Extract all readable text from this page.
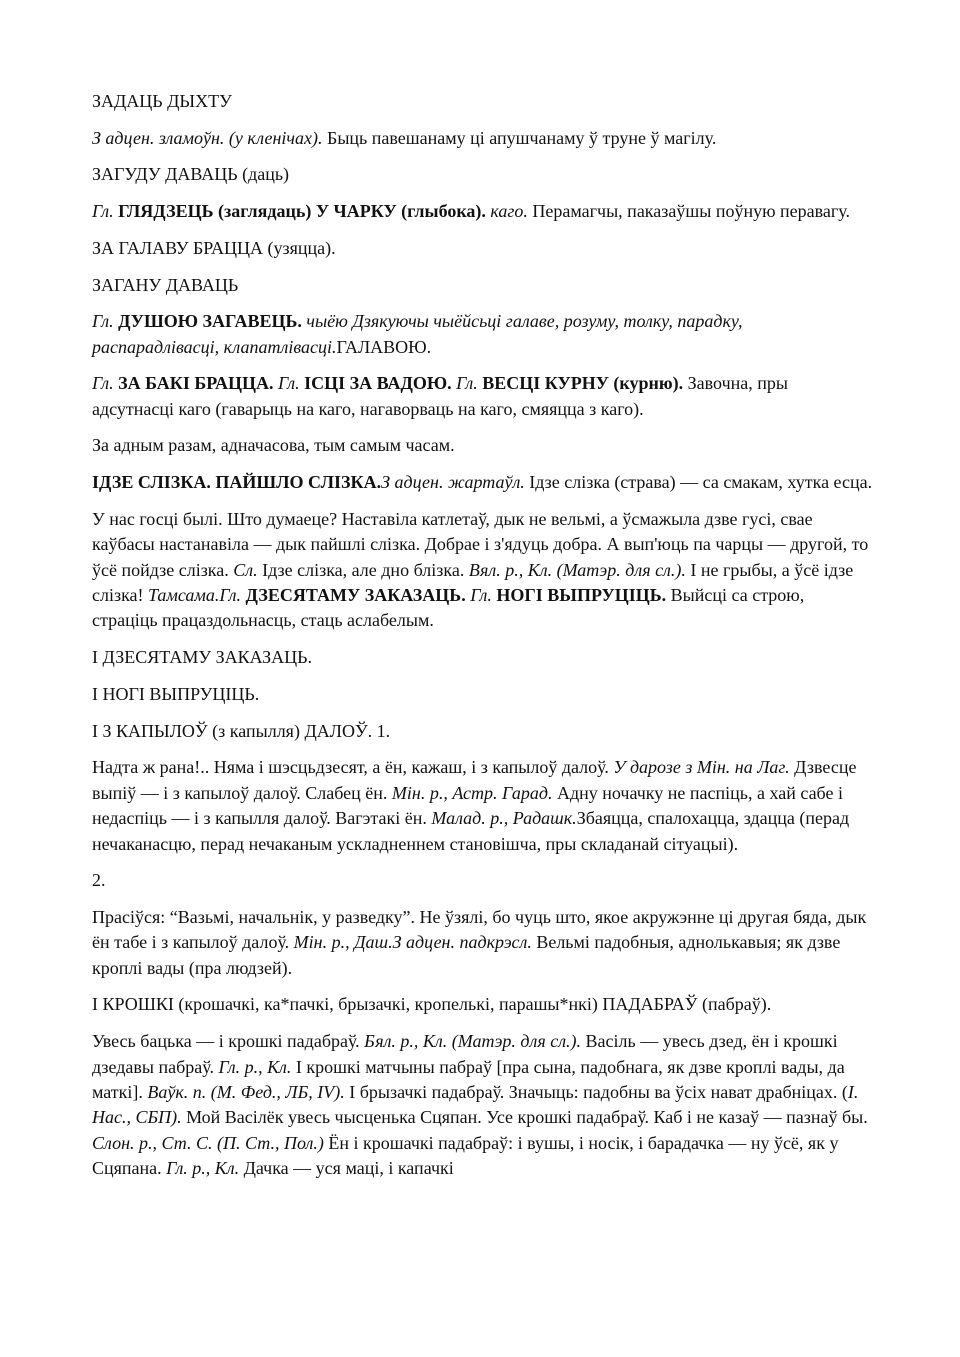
ЗАДАЦЬ ДЫХТУ

З адцен. зламоўн. (у кленічах). Быць павешанаму ці апушчанаму ў труне ў магілу.

ЗАГУДУ ДАВАЦЬ (даць)

Гл. ГЛЯДЗЕЦЬ (заглядаць) У ЧАРКУ (глыбока). каго. Перамагчы, паказаўшы поўную перавагу.

ЗА ГАЛАВУ БРАЦЦА (узяцца).

ЗАГАНУ ДАВАЦЬ

Гл. ДУШОЮ ЗАГАВЕЦЬ. чыёю Дзякуючы чыёйсьці галаве, розуму, толку, парадку, распарадлівасці, клапатлівасці.ГАЛАВОЮ.

Гл. ЗА БАКІ БРАЦЦА. Гл. ІСЦІ ЗА ВАДОЮ. Гл. ВЕСЦІ КУРНУ (курню). Завочна, пры адсутнасці каго (гаварыць на каго, нагаворваць на каго, смяяцца з каго).

За адным разам, адначасова, тым самым часам.

ІДЗЕ СЛІЗКА. ПАЙШЛО СЛІЗКА.З адцен. жартаўл. Ідзе слізка (страва) — са смакам, хутка есца.

У нас госці былі. Што думаеце? Наставіла катлетаў, дык не вельмі, а ўсмажыла дзве гусі, свае каўбасы настанавіла — дык пайшлі слізка. Добрае і з'ядуць добра. А вып'юць па чарцы — другой, то ўсё пойдзе слізка. Сл. Ідзе слізка, але дно блізка. Вял. р., Кл. (Матэр. для сл.). І не грыбы, а ўсё ідзе слізка! Тамсама.Гл. ДЗЕСЯТАМУ ЗАКАЗАЦЬ. Гл. НОГІ ВЫПРУЦІЦЬ. Выйсці са строю, страціць працаздольнасць, стаць аслабелым.

І ДЗЕСЯТАМУ ЗАКАЗАЦЬ.

І НОГІ ВЫПРУЦІЦЬ.

І З КАПЫЛОЎ (з капылля) ДАЛОЎ. 1.

Надта ж рана!.. Няма і шэсцьдзесят, а ён, кажаш, і з капылоў далоў. У дарозе з Мін. на Лаг. Дзвесце выпіў — і з капылоў далоў. Слабец ён. Мін. р., Астр. Гарад. Адну ночачку не паспіць, а хай сабе і недаспіць — і з капылля далоў. Вагэтакі ён. Малад. р., Радашк.Збаяцца, спалохацца, здацца (перад нечаканасцю, перад нечаканым ускладненнем становішча, пры складанай сітуацыі).

2.

Прасіўся: “Вазьмі, начальнік, у разведку”. Не ўзялі, бо чуць што, якое акружэнне ці другая бяда, дык ён табе і з капылоў далоў. Мін. р., Даш.З адцен. падкрэсл. Вельмі падобныя, аднолькавыя; як дзве кроплі вады (пра людзей).

І КРОШКІ (крошачкі, ка*пачкі, брызачкі, кропелькі, парашы*нкі) ПАДАБРАЎ (пабраў).

Увесь бацька — і крошкі падабраў. Бял. р., Кл. (Матэр. для сл.). Васіль — увесь дзед, ён і крошкі дзедавы пабраў. Гл. р., Кл. І крошкі матчыны пабраў [пра сына, падобнага, як дзве кроплі вады, да маткі]. Ваўк. п. (М. Фед., ЛБ, IV). І брызачкі падабраў. Значыць: падобны ва ўсіх нават драбніцах. (І. Нас., СБП). Мой Васілёк увесь чысценька Сцяпан. Усе крошкі падабраў. Каб і не казаў — пазнаў бы. Слон. р., Ст. С. (П. Ст., Пол.) Ён і крошачкі падабраў: і вушы, і носік, і барадачка — ну ўсё, як у Сцяпана. Гл. р., Кл. Дачка — уся маці, і капачкі
